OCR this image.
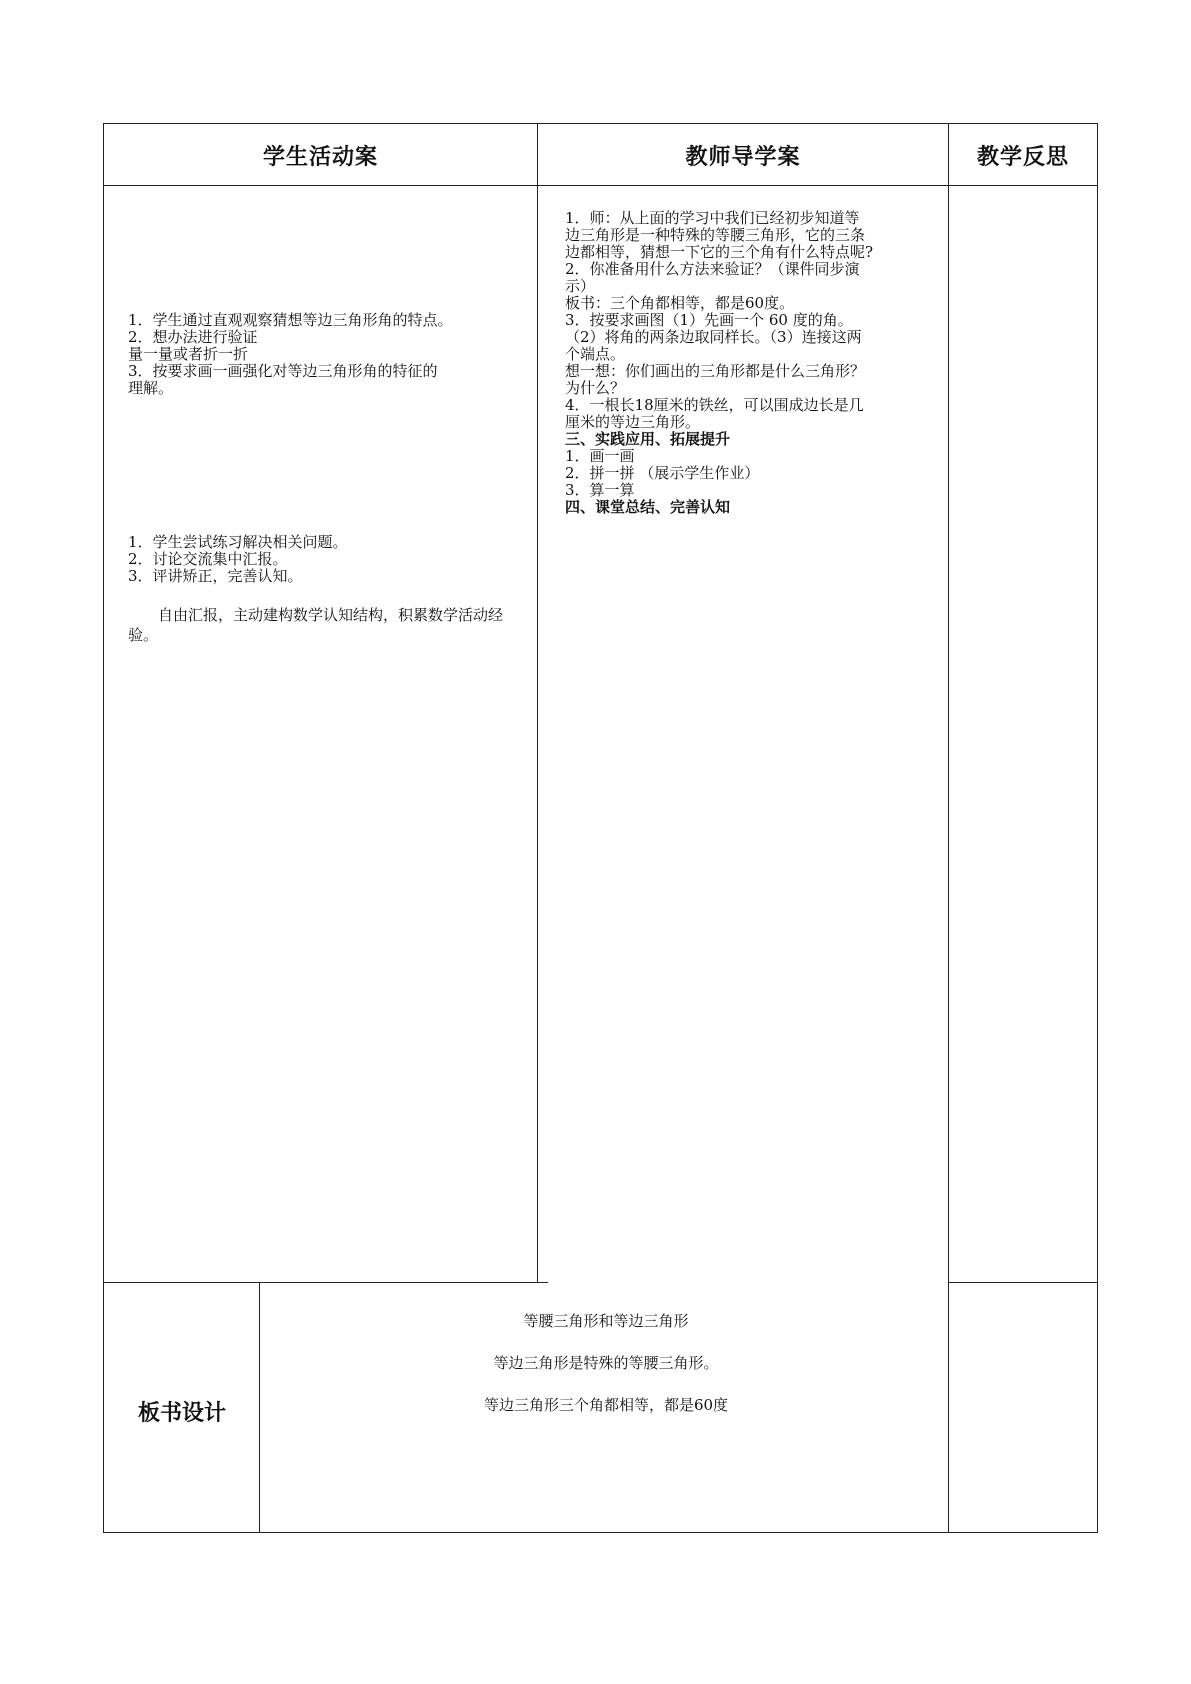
学生活动案	教师导学案	教学反思

1．学生通过直观观察猜想等边三角形角的特点。

2．想办法进行验证

量一量或者折一折

3．按要求画一画强化对等边三角形角的特征的

理解。

1．学生尝试练习解决相关问题。

2．讨论交流集中汇报。

3．评讲矫正，完善认知。

自由汇报，主动建构数学认知结构，积累数学活动经验。

1．师：从上面的学习中我们已经初步知道等

边三角形是一种特殊的等腰三角形，它的三条

边都相等，猜想一下它的三个角有什么特点呢?

2．你准备用什么方法来验证？（课件同步演

示）

板书：三个角都相等，都是60度。

3．按要求画图（1）先画一个 60 度的角。

（2）将角的两条边取同样长。（3）连接这两

个端点。

想一想：你们画出的三角形都是什么三角形？

为什么？

4．一根长18厘米的铁丝，可以围成边长是几

厘米的等边三角形。

三、实践应用、拓展提升

1．画一画

2．拼一拼 （展示学生作业）

3．算一算

四、课堂总结、完善认知

板书设计

等腰三角形和等边三角形

等边三角形是特殊的等腰三角形。

等边三角形三个角都相等，都是60度
